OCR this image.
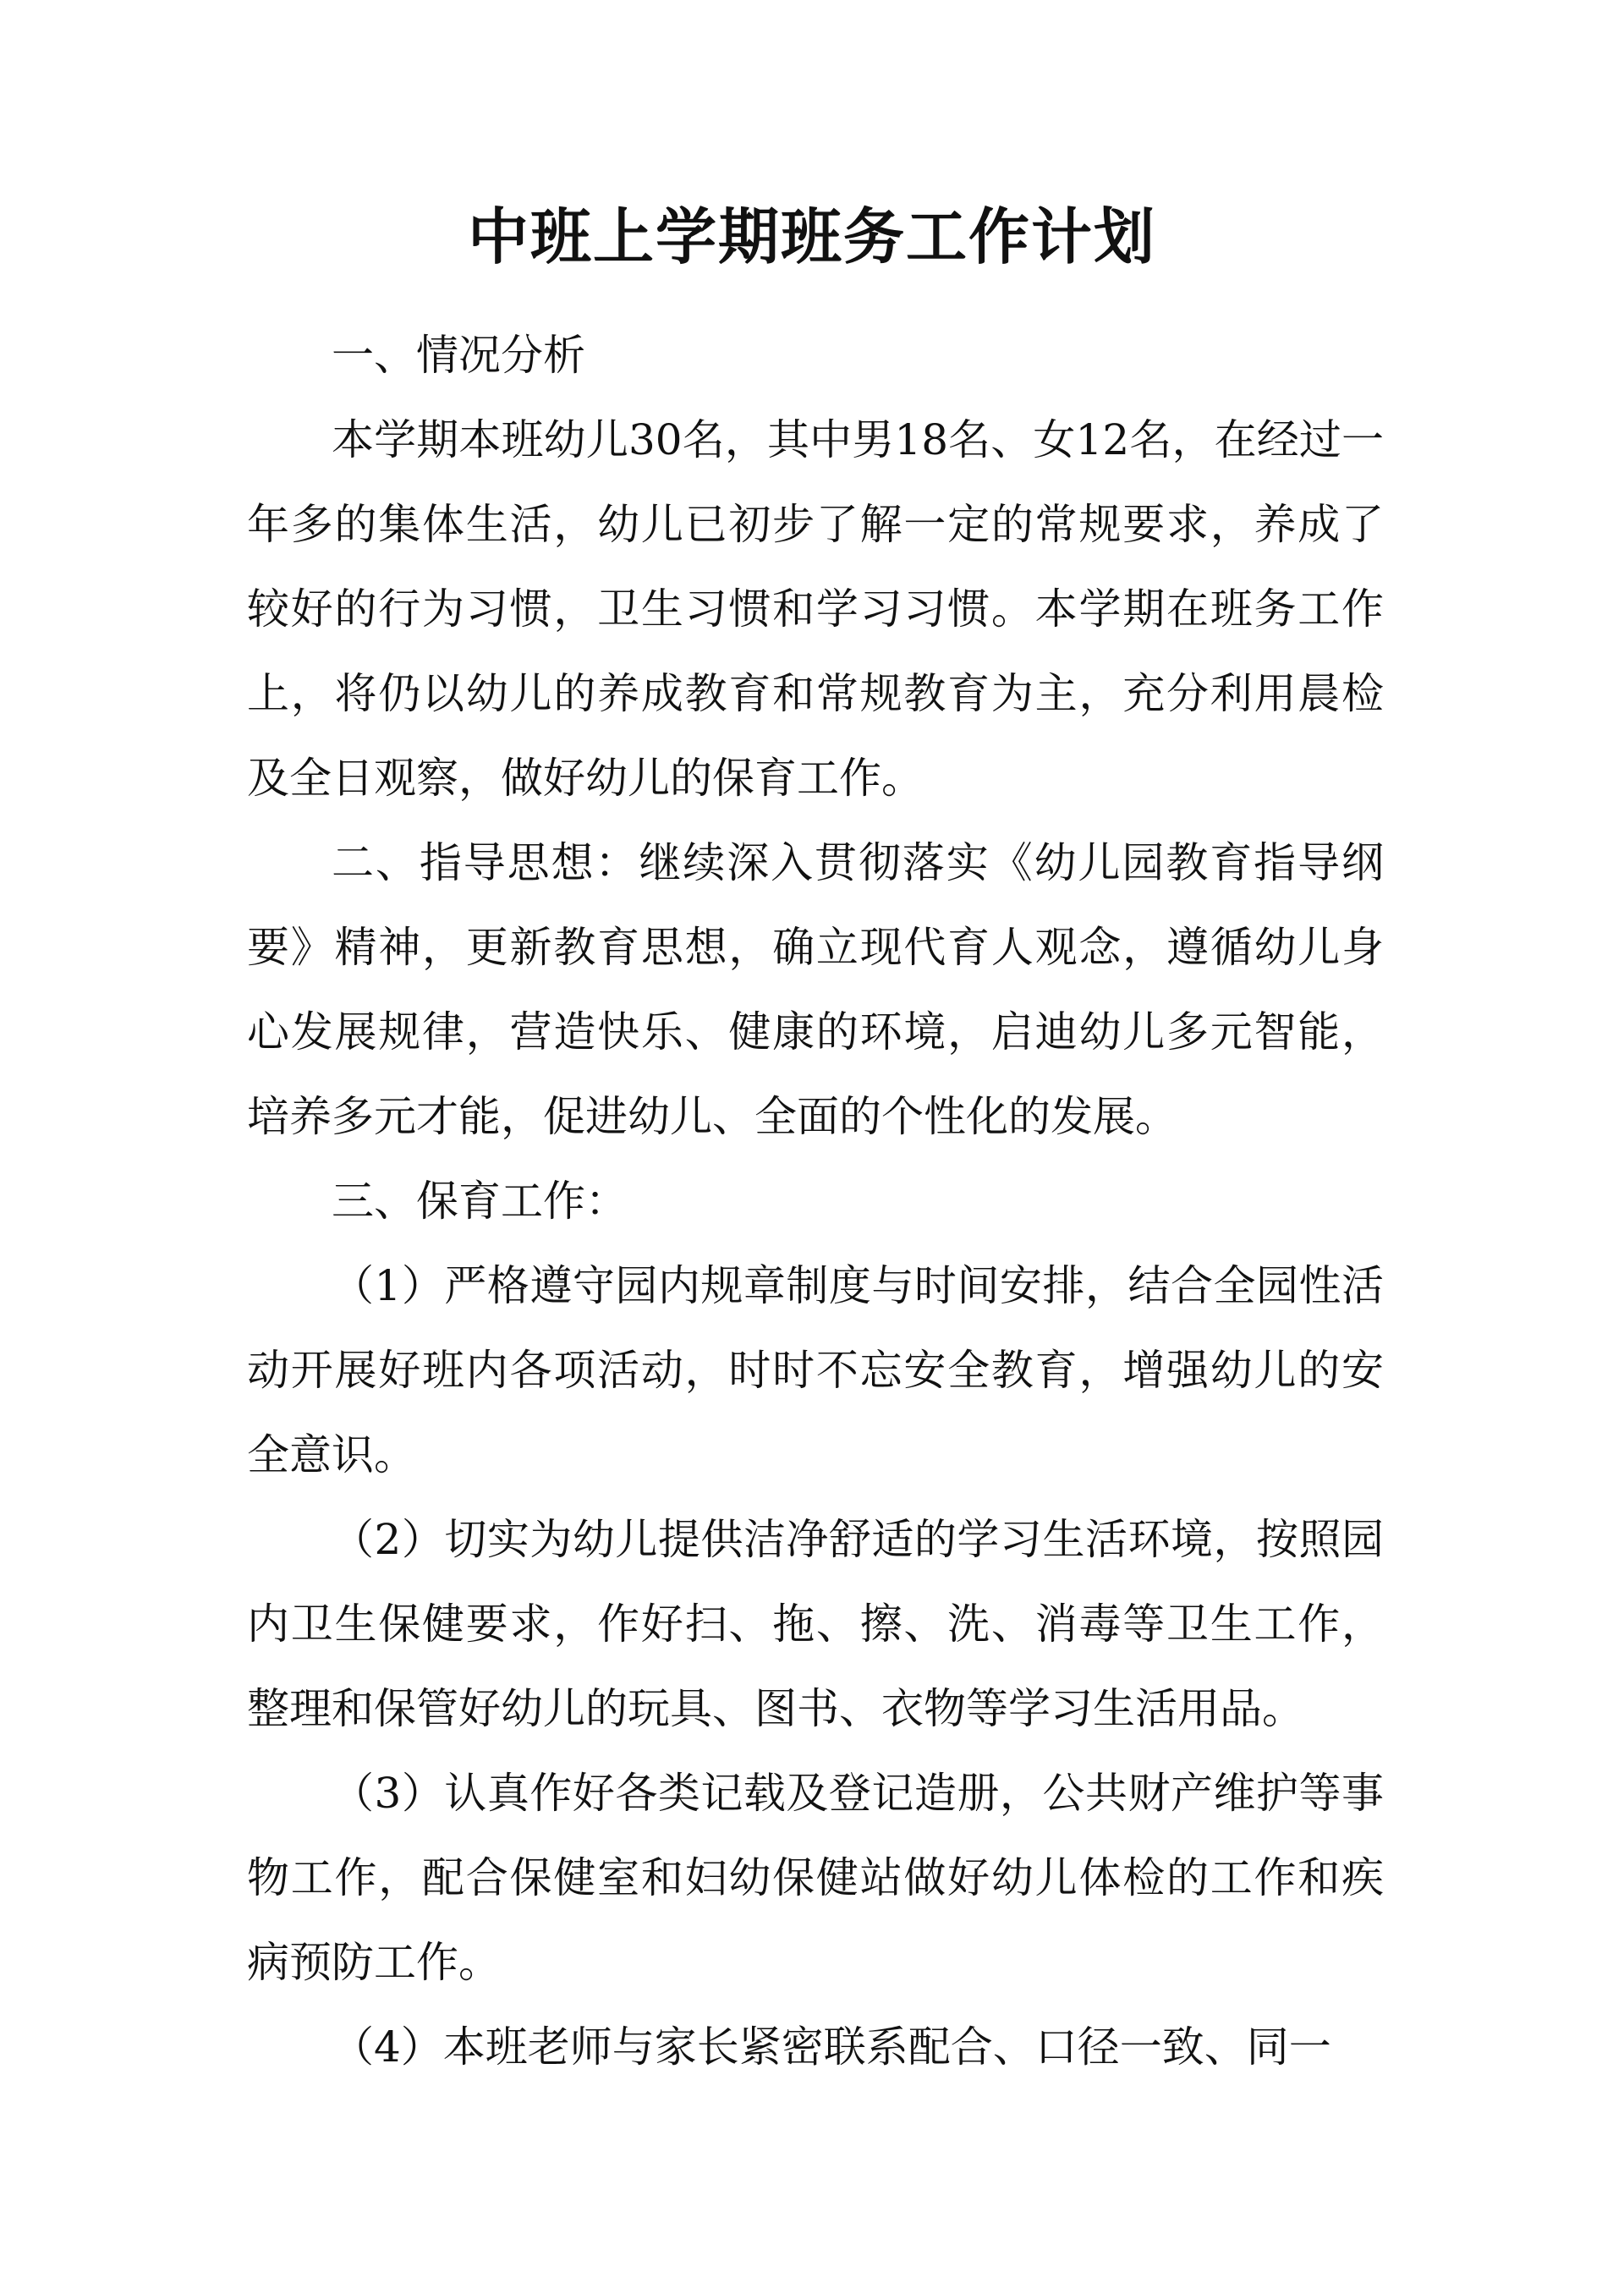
中班上学期班务工作计划

一、情况分析

本学期本班幼儿30名，其中男18名、女12名，在经过一年多的集体生活，幼儿已初步了解一定的常规要求，养成了较好的行为习惯，卫生习惯和学习习惯。本学期在班务工作上，将仍以幼儿的养成教育和常规教育为主，充分利用晨检及全日观察，做好幼儿的保育工作。

二、指导思想：继续深入贯彻落实《幼儿园教育指导纲要》精神，更新教育思想，确立现代育人观念，遵循幼儿身心发展规律，营造快乐、健康的环境，启迪幼儿多元智能，培养多元才能，促进幼儿、全面的个性化的发展。

三、保育工作：

（1）严格遵守园内规章制度与时间安排，结合全园性活动开展好班内各项活动，时时不忘安全教育，增强幼儿的安全意识。

（2）切实为幼儿提供洁净舒适的学习生活环境，按照园内卫生保健要求，作好扫、拖、擦、洗、消毒等卫生工作，整理和保管好幼儿的玩具、图书、衣物等学习生活用品。

（3）认真作好各类记载及登记造册，公共财产维护等事物工作，配合保健室和妇幼保健站做好幼儿体检的工作和疾病预防工作。

（4）本班老师与家长紧密联系配合、口径一致、同一
